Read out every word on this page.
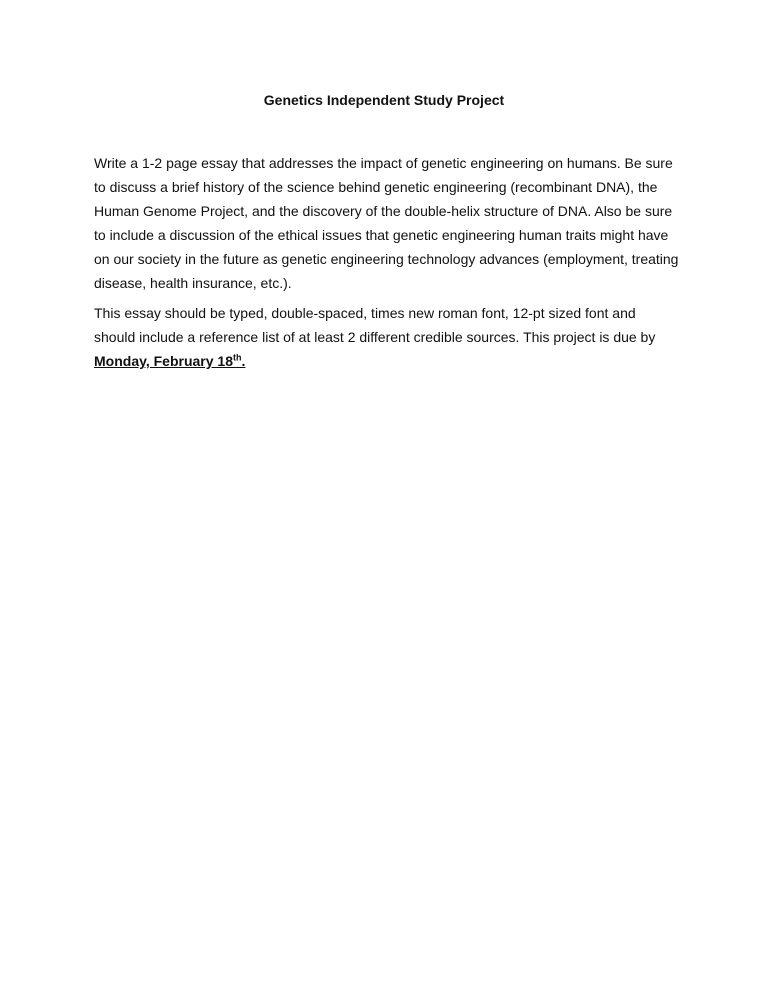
Genetics Independent Study Project

Write a 1-2 page essay that addresses the impact of genetic engineering on humans. Be sure to discuss a brief history of the science behind genetic engineering (recombinant DNA), the Human Genome Project, and the discovery of the double-helix structure of DNA. Also be sure to include a discussion of the ethical issues that genetic engineering human traits might have on our society in the future as genetic engineering technology advances (employment, treating disease, health insurance, etc.).

This essay should be typed, double-spaced, times new roman font, 12-pt sized font and should include a reference list of at least 2 different credible sources. This project is due by Monday, February 18th.
